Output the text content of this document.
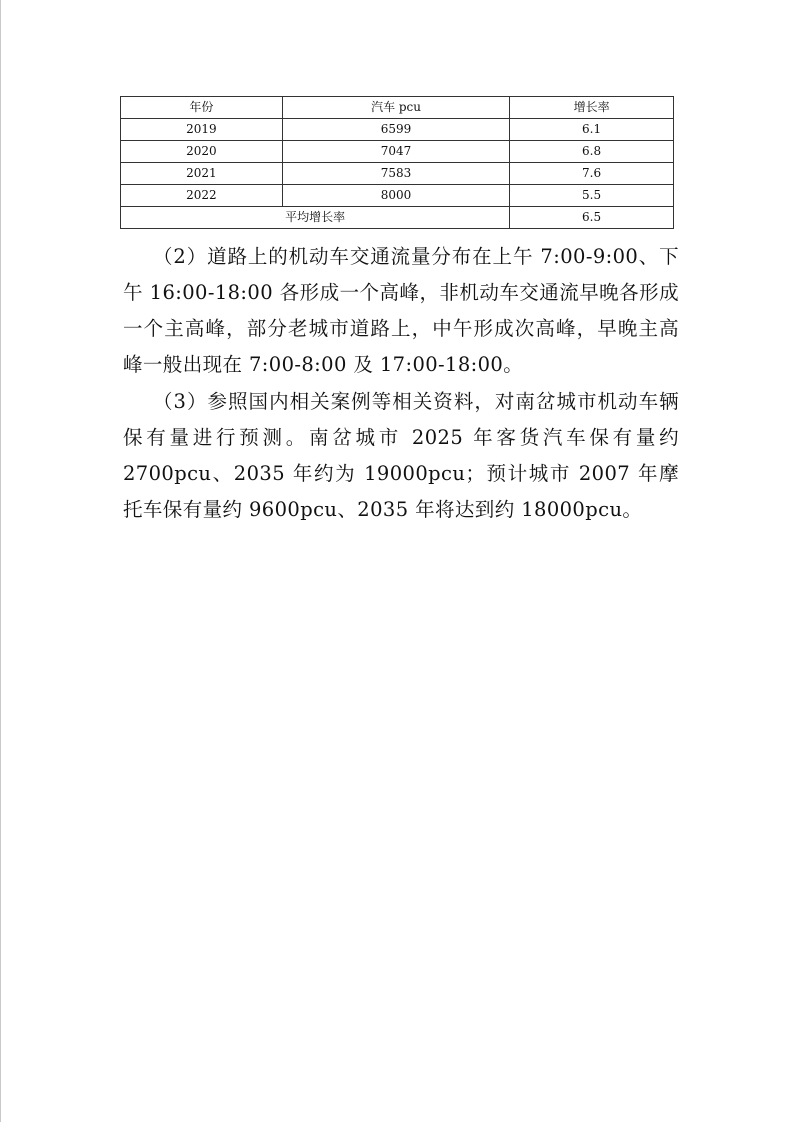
年份	汽车 pcu	增长率
2019	6599	6.1
2020	7047	6.8
2021	7583	7.6
2022	8000	5.5
平均增长率		6.5

（2）道路上的机动车交通流量分布在上午 7:00-9:00、下午 16:00-18:00 各形成一个高峰，非机动车交通流早晚各形成一个主高峰，部分老城市道路上，中午形成次高峰，早晚主高峰一般出现在 7:00-8:00 及 17:00-18:00。

（3）参照国内相关案例等相关资料，对南岔城市机动车辆保有量进行预测。南岔城市 2025 年客货汽车保有量约 2700pcu、2035 年约为 19000pcu；预计城市 2007 年摩托车保有量约 9600pcu、2035 年将达到约 18000pcu。
